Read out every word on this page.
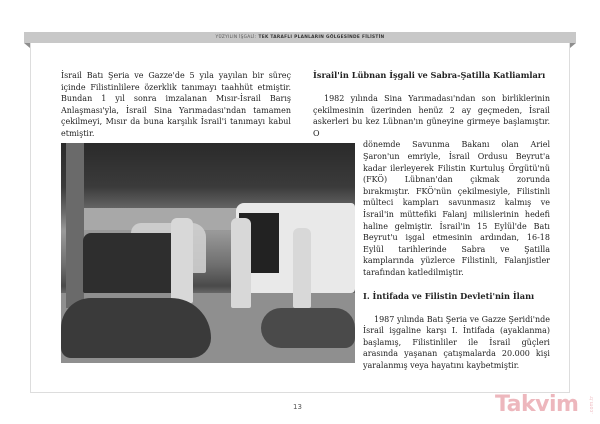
YÜZYILIN İŞGALİ: TEK TARAFLI PLANLARIN GÖLGESİNDE FİLİSTİN
İsrail Batı Şeria ve Gazze'de 5 yıla yayılan bir süreç içinde Filistinlilere özerklik tanımayı taahhüt etmiştir. Bundan 1 yıl sonra imzalanan Mısır-İsrail Barış Anlaşması'yla, İsrail Sina Yarımadası'ndan tamamen çekilmeyi, Mısır da buna karşılık İsrail'i tanımayı kabul etmiştir.
İsrail'in Lübnan İşgali ve Sabra-Şatilla Katliamları

1982 yılında Sina Yarımadası'ndan son birliklerinin çekilmesinin üzerinden henüz 2 ay geçmeden, İsrail askerleri bu kez Lübnan'ın güneyine girmeye başlamıştır. O

dönemde Savunma Bakanı olan Ariel Şaron'un emriyle, İsrail Ordusu Beyrut'a kadar ilerleyerek Filistin Kurtuluş Örgütü'nü (FKÖ) Lübnan'dan çıkmak zorunda bırakmıştır. FKÖ'nün çekilmesiyle, Filistinli mülteci kampları savunmasız kalmış ve İsrail'in müttefiki Falanj milislerinin hedefi haline gelmiştir. İsrail'in 15 Eylül'de Batı Beyrut'u işgal etmesinin ardından, 16-18 Eylül tarihlerinde Sabra ve Şatilla kamplarında yüzlerce Filistinli, Falanjistler tarafından katledilmiştir.

I. İntifada ve Filistin Devleti'nin İlanı

1987 yılında Batı Şeria ve Gazze Şeridi'nde İsrail işgaline karşı I. İntifada (ayaklanma) başlamış, Filistinliler ile İsrail güçleri arasında yaşanan çatışmalarda 20.000 kişi yaralanmış veya hayatını kaybetmiştir.

13	Takvim .com.tr
